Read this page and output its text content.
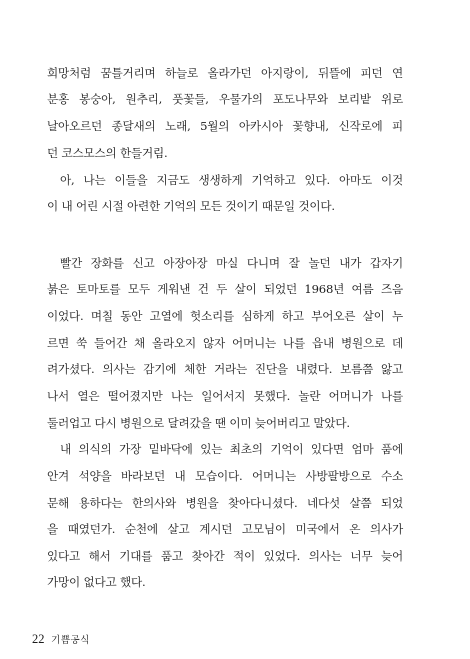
희망처럼 꿈틀거리며 하늘로 올라가던 아지랑이, 뒤뜰에 피던 연
분홍 봉숭아, 원추리, 풋꽃들, 우물가의 포도나무와 보리밭 위로
날아오르던 종달새의 노래, 5월의 아카시아 꽃향내, 신작로에 피
던 코스모스의 한들거림.
아, 나는 이들을 지금도 생생하게 기억하고 있다. 아마도 이것
이 내 어린 시절 아련한 기억의 모든 것이기 때문일 것이다.
빨간 장화를 신고 아장아장 마실 다니며 잘 놀던 내가 갑자기
붉은 토마토를 모두 게워낸 건 두 살이 되었던 1968년 여름 즈음
이었다. 며칠 동안 고열에 헛소리를 심하게 하고 부어오른 살이 누
르면 쑥 들어간 채 올라오지 않자 어머니는 나를 읍내 병원으로 데
려가셨다. 의사는 감기에 체한 거라는 진단을 내렸다. 보름쯤 앓고
나서 열은 떨어졌지만 나는 일어서지 못했다. 놀란 어머니가 나를
둘러업고 다시 병원으로 달려갔을 땐 이미 늦어버리고 말았다.
내 의식의 가장 밑바닥에 있는 최초의 기억이 있다면 엄마 품에
안겨 석양을 바라보던 내 모습이다. 어머니는 사방팔방으로 수소
문해 용하다는 한의사와 병원을 찾아다니셨다. 네다섯 살쯤 되었
을 때였던가. 순천에 살고 계시던 고모님이 미국에서 온 의사가
있다고 해서 기대를 품고 찾아간 적이 있었다. 의사는 너무 늦어
가망이 없다고 했다.
22 기쁨공식
